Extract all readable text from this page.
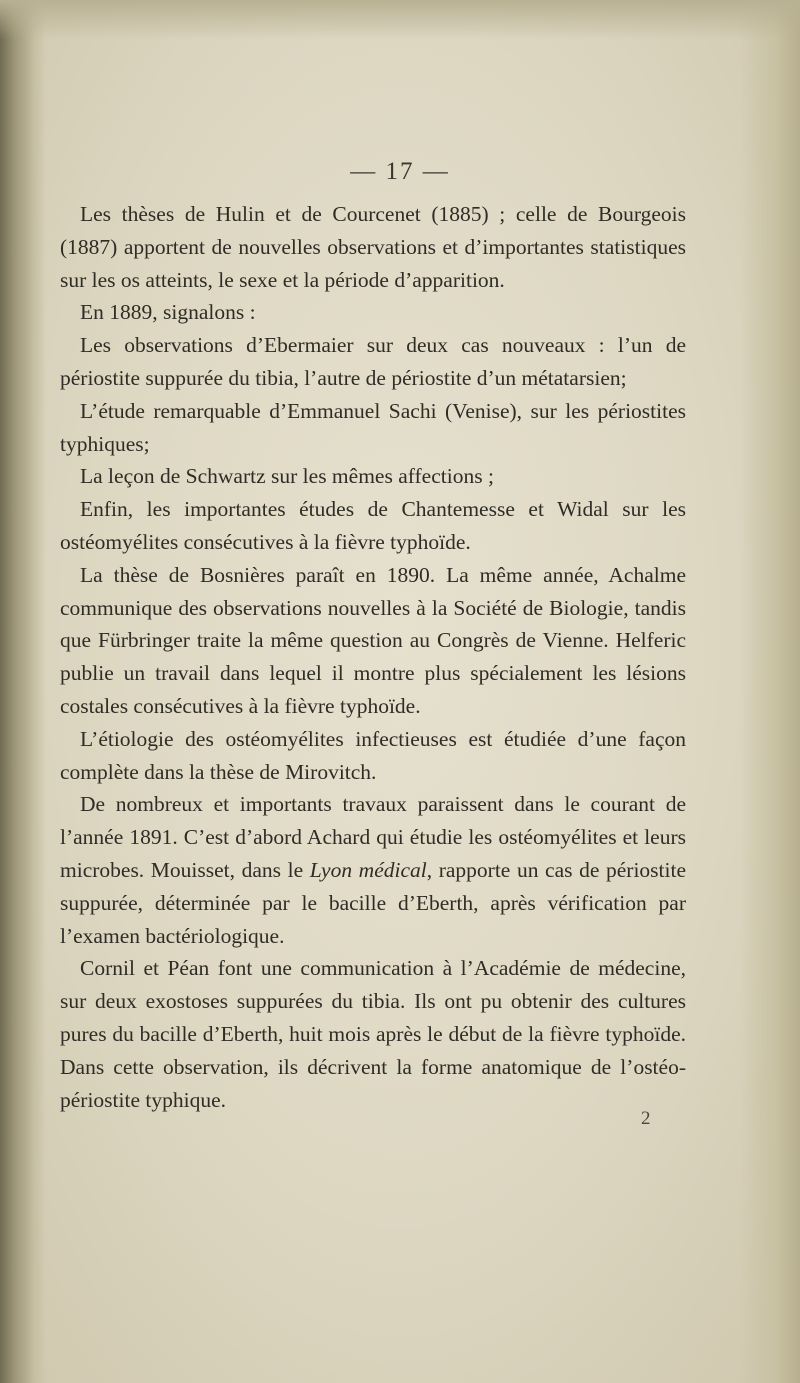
— 17 —

Les thèses de Hulin et de Courcenet (1885) ; celle de Bourgeois (1887) apportent de nouvelles observations et d’importantes statistiques sur les os atteints, le sexe et la période d’apparition.

En 1889, signalons :

Les observations d’Ebermaier sur deux cas nouveaux : l’un de périostite suppurée du tibia, l’autre de périostite d’un métatarsien;

L’étude remarquable d’Emmanuel Sachi (Venise), sur les périostites typhiques;

La leçon de Schwartz sur les mêmes affections ;

Enfin, les importantes études de Chantemesse et Widal sur les ostéomyélites consécutives à la fièvre typhoïde.

La thèse de Bosnières paraît en 1890. La même année, Achalme communique des observations nouvelles à la Société de Biologie, tandis que Fürbringer traite la même question au Congrès de Vienne. Helferic publie un travail dans lequel il montre plus spécialement les lésions costales consécutives à la fièvre typhoïde.

L’étiologie des ostéomyélites infectieuses est étudiée d’une façon complète dans la thèse de Mirovitch.

De nombreux et importants travaux paraissent dans le courant de l’année 1891. C’est d’abord Achard qui étudie les ostéomyélites et leurs microbes. Mouisset, dans le Lyon médical, rapporte un cas de périostite suppurée, déterminée par le bacille d’Eberth, après vérification par l’examen bactériologique.

Cornil et Péan font une communication à l’Académie de médecine, sur deux exostoses suppurées du tibia. Ils ont pu obtenir des cultures pures du bacille d’Eberth, huit mois après le début de la fièvre typhoïde. Dans cette observation, ils décrivent la forme anatomique de l’ostéo-périostite typhique.

2
